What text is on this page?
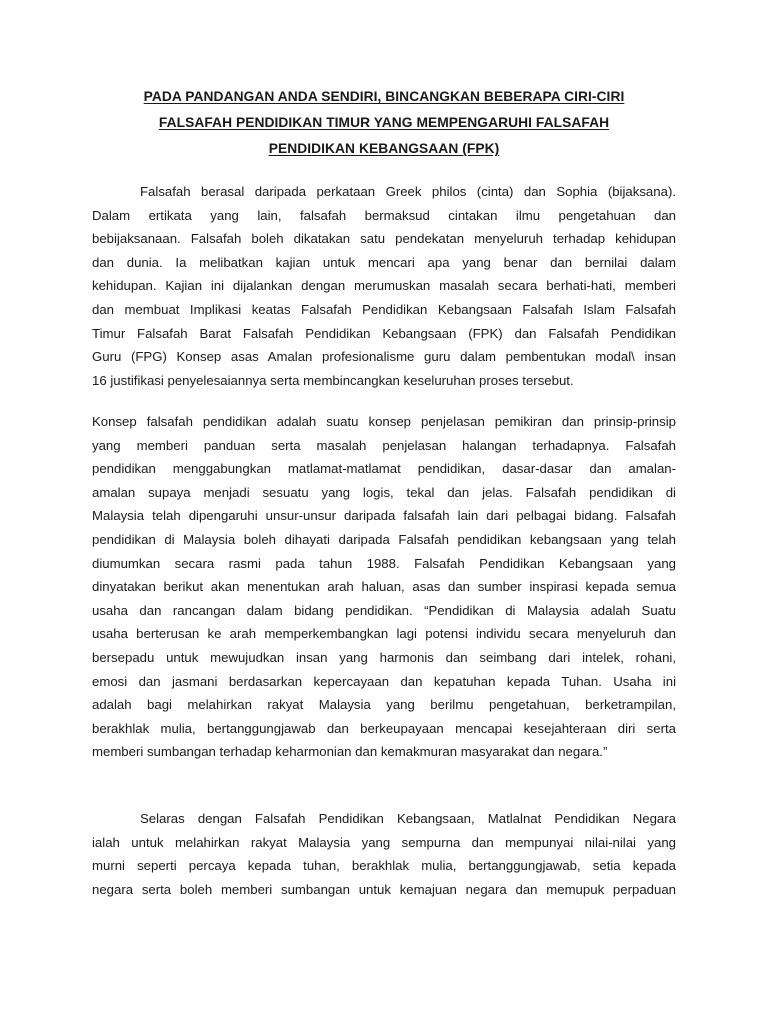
PADA PANDANGAN ANDA SENDIRI, BINCANGKAN BEBERAPA CIRI-CIRI
FALSAFAH PENDIDIKAN TIMUR YANG MEMPENGARUHI FALSAFAH
PENDIDIKAN KEBANGSAAN (FPK)
Falsafah berasal daripada perkataan Greek philos (cinta) dan Sophia (bijaksana).
Dalam ertikata yang lain, falsafah bermaksud cintakan ilmu pengetahuan dan
bebijaksanaan. Falsafah boleh dikatakan satu pendekatan menyeluruh terhadap kehidupan
dan dunia. Ia melibatkan kajian untuk mencari apa yang benar dan bernilai dalam
kehidupan. Kajian ini dijalankan dengan merumuskan masalah secara berhati-hati, memberi
dan membuat Implikasi keatas Falsafah Pendidikan Kebangsaan Falsafah Islam Falsafah
Timur Falsafah Barat Falsafah Pendidikan Kebangsaan (FPK) dan Falsafah Pendidikan
Guru (FPG) Konsep asas Amalan profesionalisme guru dalam pembentukan modal\ insan
16 justifikasi penyelesaiannya serta membincangkan keseluruhan proses tersebut.
Konsep falsafah pendidikan adalah suatu konsep penjelasan pemikiran dan prinsip-prinsip
yang memberi panduan serta masalah penjelasan halangan terhadapnya. Falsafah
pendidikan menggabungkan matlamat-matlamat pendidikan, dasar-dasar dan amalan-
amalan supaya menjadi sesuatu yang logis, tekal dan jelas. Falsafah pendidikan di
Malaysia telah dipengaruhi unsur-unsur daripada falsafah lain dari pelbagai bidang. Falsafah
pendidikan di Malaysia boleh dihayati daripada Falsafah pendidikan kebangsaan yang telah
diumumkan secara rasmi pada tahun 1988. Falsafah Pendidikan Kebangsaan yang
dinyatakan berikut akan menentukan arah haluan, asas dan sumber inspirasi kepada semua
usaha dan rancangan dalam bidang pendidikan. “Pendidikan di Malaysia adalah Suatu
usaha berterusan ke arah memperkembangkan lagi potensi individu secara menyeluruh dan
bersepadu untuk mewujudkan insan yang harmonis dan seimbang dari intelek, rohani,
emosi dan jasmani berdasarkan kepercayaan dan kepatuhan kepada Tuhan. Usaha ini
adalah bagi melahirkan rakyat Malaysia yang berilmu pengetahuan, berketrampilan,
berakhlak mulia, bertanggungjawab dan berkeupayaan mencapai kesejahteraan diri serta
memberi sumbangan terhadap keharmonian dan kemakmuran masyarakat dan negara.”
Selaras dengan Falsafah Pendidikan Kebangsaan, Matlalnat Pendidikan Negara
ialah untuk melahirkan rakyat Malaysia yang sempurna dan mempunyai nilai-nilai yang
murni seperti percaya kepada tuhan, berakhlak mulia, bertanggungjawab, setia kepada
negara serta boleh memberi sumbangan untuk kemajuan negara dan memupuk perpaduan
